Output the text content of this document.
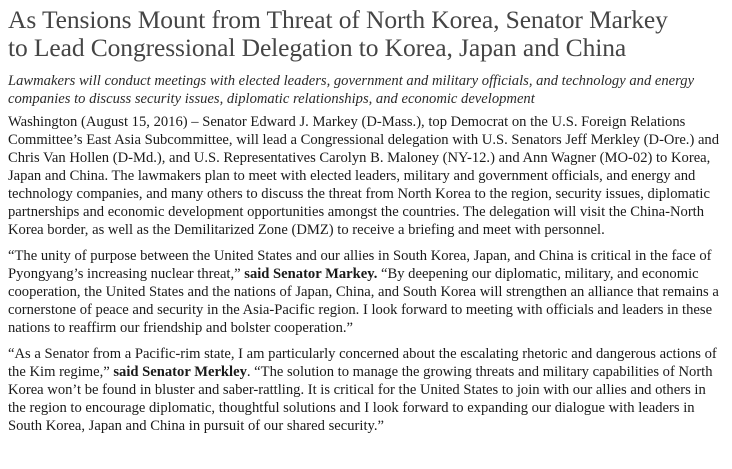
As Tensions Mount from Threat of North Korea, Senator Markey
to Lead Congressional Delegation to Korea, Japan and China

Lawmakers will conduct meetings with elected leaders, government and military officials, and technology and energy companies to discuss security issues, diplomatic relationships, and economic development

Washington (August 15, 2016) – Senator Edward J. Markey (D-Mass.), top Democrat on the U.S. Foreign Relations Committee’s East Asia Subcommittee, will lead a Congressional delegation with U.S. Senators Jeff Merkley (D-Ore.) and Chris Van Hollen (D-Md.), and U.S. Representatives Carolyn B. Maloney (NY-12.) and Ann Wagner (MO-02) to Korea, Japan and China. The lawmakers plan to meet with elected leaders, military and government officials, and energy and technology companies, and many others to discuss the threat from North Korea to the region, security issues, diplomatic partnerships and economic development opportunities amongst the countries. The delegation will visit the China-North Korea border, as well as the Demilitarized Zone (DMZ) to receive a briefing and meet with personnel.

“The unity of purpose between the United States and our allies in South Korea, Japan, and China is critical in the face of Pyongyang’s increasing nuclear threat,” said Senator Markey. “By deepening our diplomatic, military, and economic cooperation, the United States and the nations of Japan, China, and South Korea will strengthen an alliance that remains a cornerstone of peace and security in the Asia-Pacific region. I look forward to meeting with officials and leaders in these nations to reaffirm our friendship and bolster cooperation.”

“As a Senator from a Pacific-rim state, I am particularly concerned about the escalating rhetoric and dangerous actions of the Kim regime,” said Senator Merkley. “The solution to manage the growing threats and military capabilities of North Korea won’t be found in bluster and saber-rattling. It is critical for the United States to join with our allies and others in the region to encourage diplomatic, thoughtful solutions and I look forward to expanding our dialogue with leaders in South Korea, Japan and China in pursuit of our shared security.”
